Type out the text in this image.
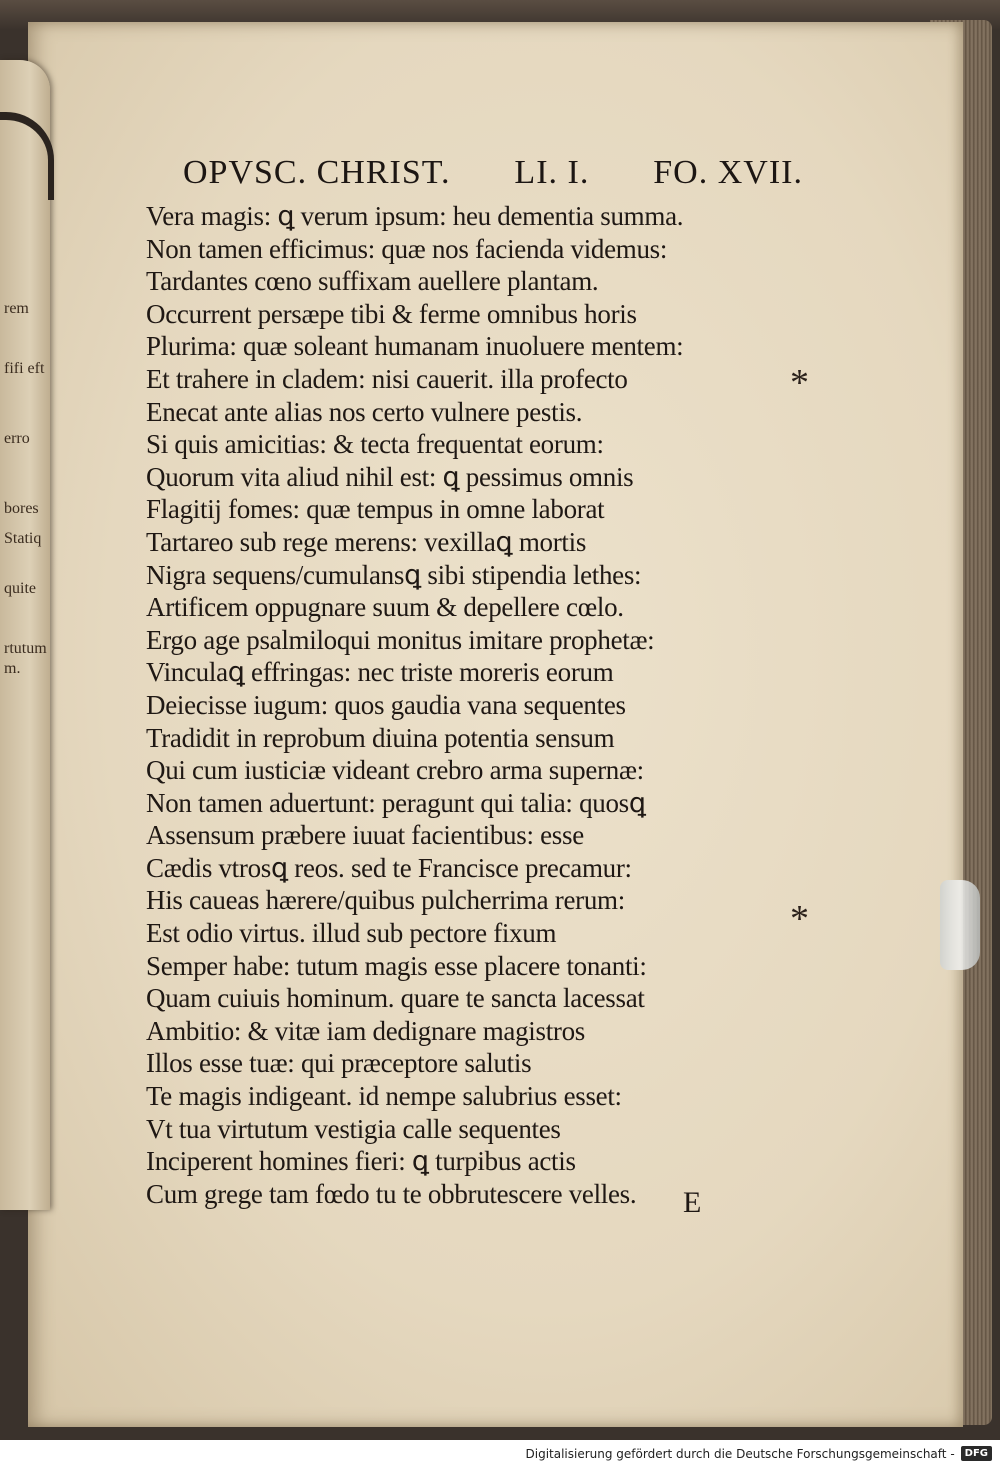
OPVSC. CHRIST. LI. I. FO. XVII.
Vera magis: ꝗ verum ipsum: heu dementia summa.
Non tamen efficimus: quæ nos facienda videmus:
Tardantes cœno suffixam auellere plantam.
Occurrent persæpe tibi & ferme omnibus horis
Plurima: quæ soleant humanam inuoluere mentem:
Et trahere in cladem: nisi cauerit. illa profecto
Enecat ante alias nos certo vulnere pestis.
Si quis amicitias: & tecta frequentat eorum:
Quorum vita aliud nihil est: ꝗ pessimus omnis
Flagitij fomes: quæ tempus in omne laborat
Tartareo sub rege merens: vexillaꝗ mortis
Nigra sequens/cumulansꝗ sibi stipendia lethes:
Artificem oppugnare suum & depellere cœlo.
Ergo age psalmiloqui monitus imitare prophetæ:
Vinculaꝗ effringas: nec triste moreris eorum
Deiecisse iugum: quos gaudia vana sequentes
Tradidit in reprobum diuina potentia sensum
Qui cum iusticiæ videant crebro arma supernæ:
Non tamen aduertunt: peragunt qui talia: quosꝗ
Assensum præbere iuuat facientibus: esse
Cædis vtrosꝗ reos. sed te Francisce precamur:
His caueas hærere/quibus pulcherrima rerum:
Est odio virtus. illud sub pectore fixum
Semper habe: tutum magis esse placere tonanti:
Quam cuiuis hominum. quare te sancta lacessat
Ambitio: & vitæ iam dedignare magistros
Illos esse tuæ: qui præceptore salutis
Te magis indigeant. id nempe salubrius esset:
Vt tua virtutum vestigia calle sequentes
Inciperent homines fieri: ꝗ turpibus actis
Cum grege tam fœdo tu te obbrutescere velles.
*
*
E
rem
fifi eft
erro
bores
Statiq
quite
rtutum
m.
Digitalisierung gefördert durch die Deutsche Forschungsgemeinschaft -	DFG
